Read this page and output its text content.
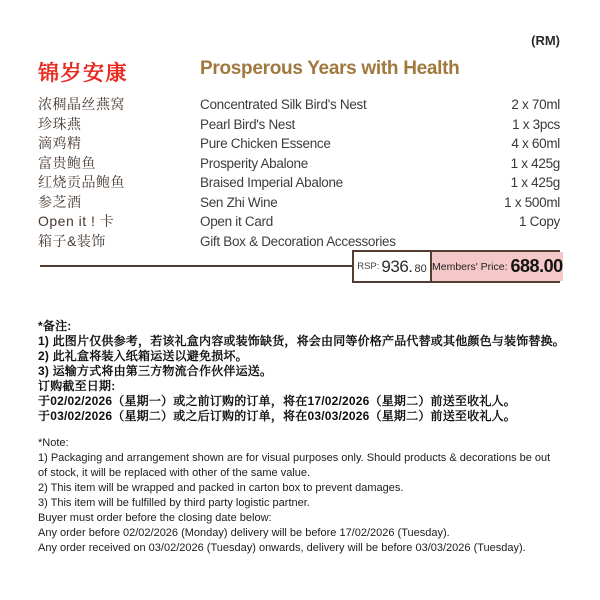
(RM)
锦岁安康	Prosperous Years with Health
浓稠晶丝燕窝	Concentrated Silk Bird's Nest	2 x 70ml
珍珠燕	Pearl Bird's Nest	1 x 3pcs
滴鸡精	Pure Chicken Essence	4 x 60ml
富贵鲍鱼	Prosperity Abalone	1 x 425g
红烧贡品鲍鱼	Braised Imperial Abalone	1 x 425g
参芝酒	Sen Zhi Wine	1 x 500ml
Open it ! 卡	Open it Card	1 Copy
箱子&装饰	Gift Box & Decoration Accessories
RSP: 936. 80 Members' Price: 688.00
*备注:
1) 此图片仅供参考，若该礼盒内容或装饰缺货，将会由同等价格产品代替或其他颜色与装饰替换。
2) 此礼盒将装入纸箱运送以避免损坏。
3) 运输方式将由第三方物流合作伙伴运送。
订购截至日期:
于02/02/2026（星期一）或之前订购的订单，将在17/02/2026（星期二）前送至收礼人。
于03/02/2026（星期二）或之后订购的订单，将在03/03/2026（星期二）前送至收礼人。
*Note:
1) Packaging and arrangement shown are for visual purposes only. Should products & decorations be out of stock, it will be replaced with other of the same value.
2) This item will be wrapped and packed in carton box to prevent damages.
3) This item will be fulfilled by third party logistic partner.
Buyer must order before the closing date below:
Any order before 02/02/2026 (Monday) delivery will be before 17/02/2026 (Tuesday).
Any order received on 03/02/2026 (Tuesday) onwards, delivery will be before 03/03/2026 (Tuesday).
